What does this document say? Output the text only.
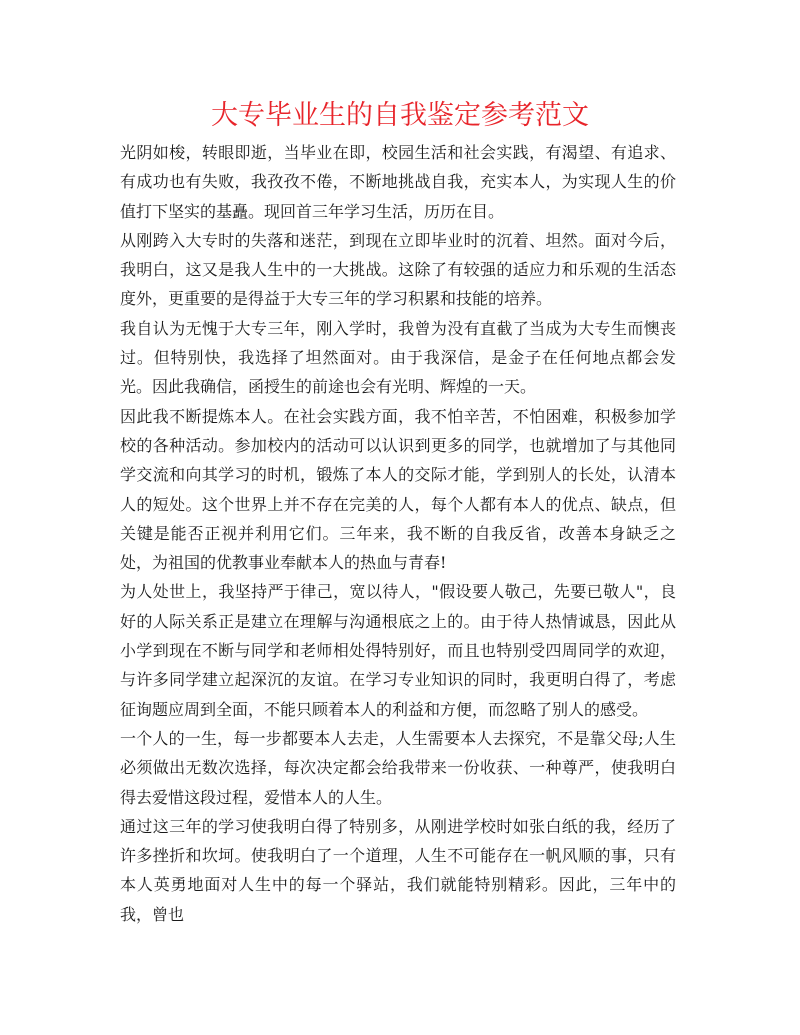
大专毕业生的自我鉴定参考范文

光阴如梭，转眼即逝，当毕业在即，校园生活和社会实践，有渴望、有追求、有成功也有失败，我孜孜不倦，不断地挑战自我，充实本人，为实现人生的价值打下坚实的基矗。现回首三年学习生活，历历在目。

从刚跨入大专时的失落和迷茫，到现在立即毕业时的沉着、坦然。面对今后，我明白，这又是我人生中的一大挑战。这除了有较强的适应力和乐观的生活态度外，更重要的是得益于大专三年的学习积累和技能的培养。

我自认为无愧于大专三年，刚入学时，我曾为没有直截了当成为大专生而懊丧过。但特别快，我选择了坦然面对。由于我深信，是金子在任何地点都会发光。因此我确信，函授生的前途也会有光明、辉煌的一天。

因此我不断提炼本人。在社会实践方面，我不怕辛苦，不怕困难，积极参加学校的各种活动。参加校内的活动可以认识到更多的同学，也就增加了与其他同学交流和向其学习的时机，锻炼了本人的交际才能，学到别人的长处，认清本人的短处。这个世界上并不存在完美的人，每个人都有本人的优点、缺点，但关键是能否正视并利用它们。三年来，我不断的自我反省，改善本身缺乏之处，为祖国的优教事业奉献本人的热血与青春!

为人处世上，我坚持严于律己，宽以待人，"假设要人敬己，先要已敬人"，良好的人际关系正是建立在理解与沟通根底之上的。由于待人热情诚恳，因此从小学到现在不断与同学和老师相处得特别好，而且也特别受四周同学的欢迎，与许多同学建立起深沉的友谊。在学习专业知识的同时，我更明白得了，考虑征询题应周到全面，不能只顾着本人的利益和方便，而忽略了别人的感受。

一个人的一生，每一步都要本人去走，人生需要本人去探究，不是靠父母;人生必须做出无数次选择，每次决定都会给我带来一份收获、一种尊严，使我明白得去爱惜这段过程，爱惜本人的人生。

通过这三年的学习使我明白得了特别多，从刚进学校时如张白纸的我，经历了许多挫折和坎坷。使我明白了一个道理，人生不可能存在一帆风顺的事，只有本人英勇地面对人生中的每一个驿站，我们就能特别精彩。因此，三年中的我，曾也
